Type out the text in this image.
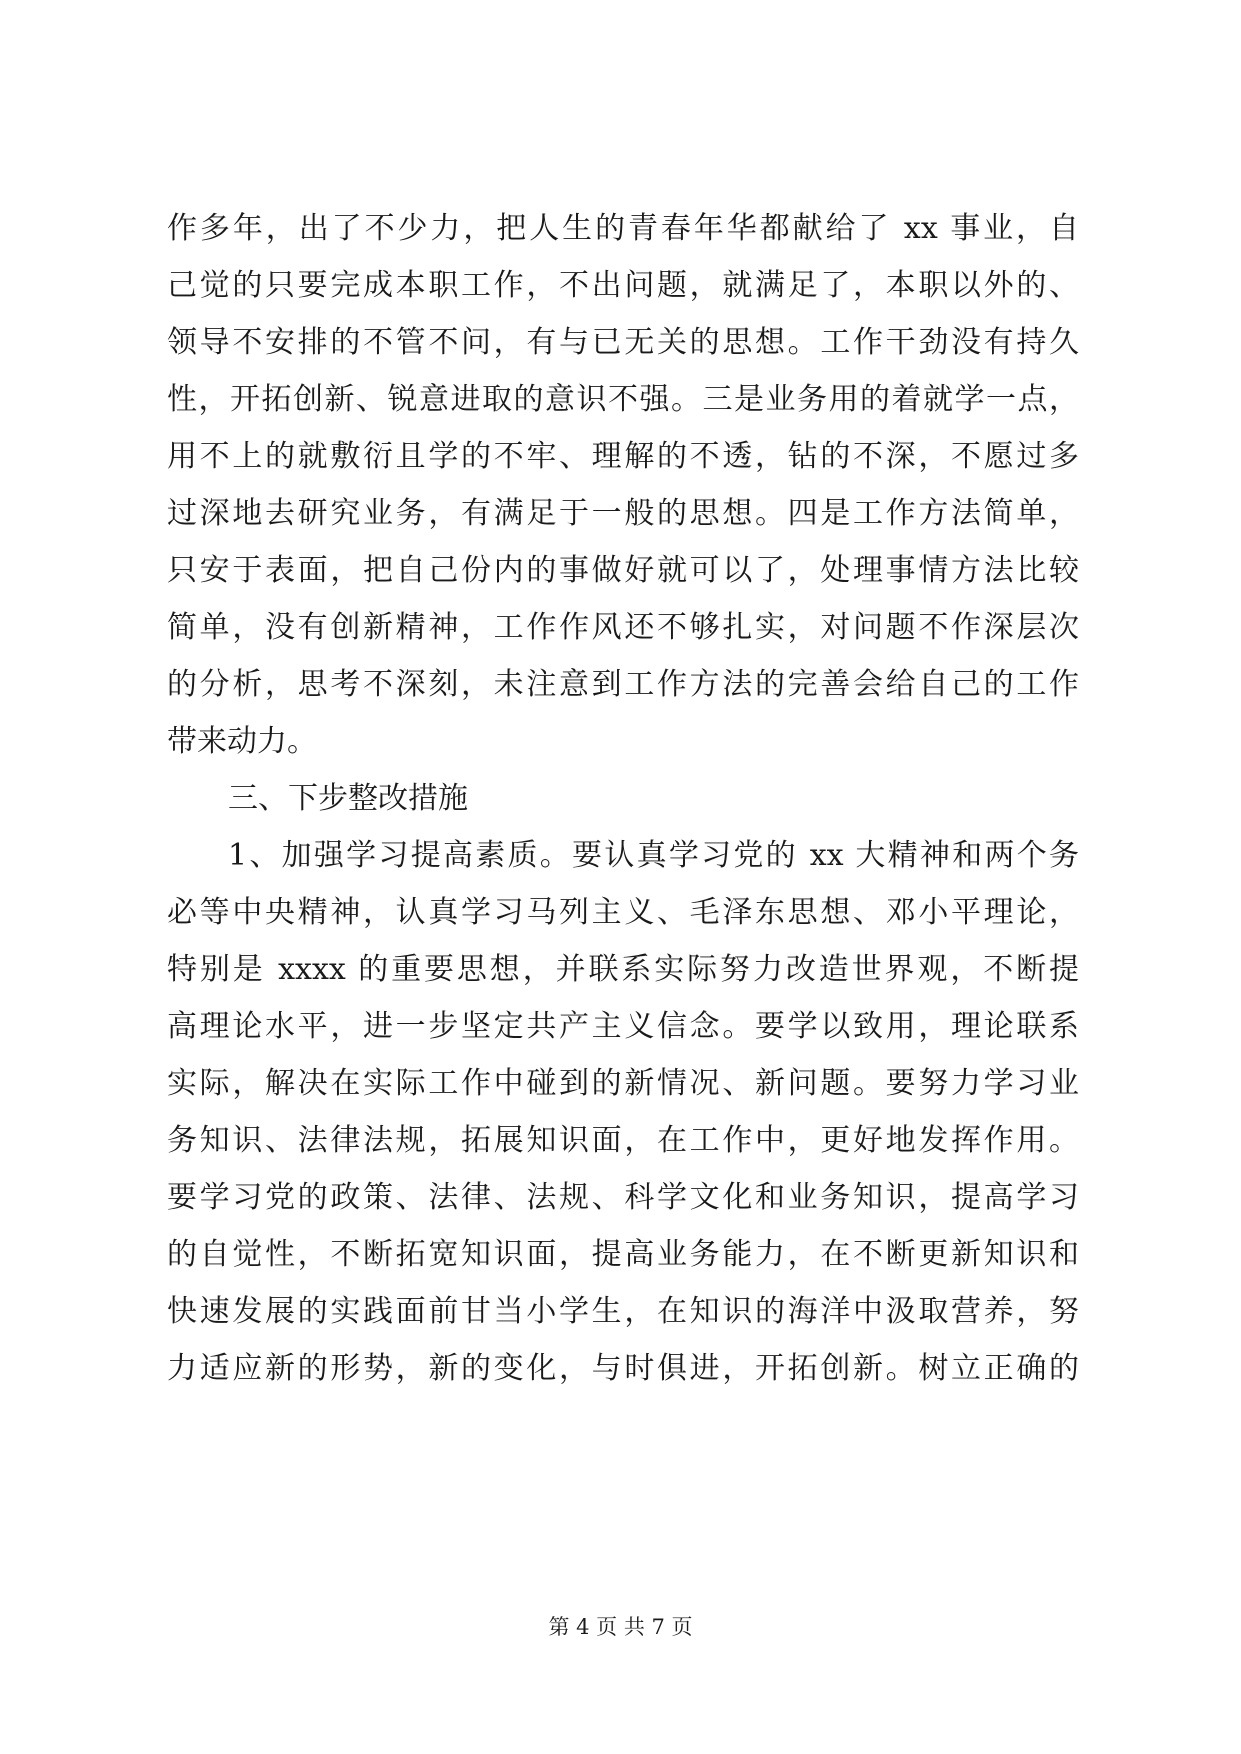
作多年，出了不少力，把人生的青春年华都献给了 xx 事业，自
己觉的只要完成本职工作，不出问题，就满足了，本职以外的、
领导不安排的不管不问，有与已无关的思想。工作干劲没有持久
性，开拓创新、锐意进取的意识不强。三是业务用的着就学一点，
用不上的就敷衍且学的不牢、理解的不透，钻的不深，不愿过多
过深地去研究业务，有满足于一般的思想。四是工作方法简单，
只安于表面，把自己份内的事做好就可以了，处理事情方法比较
简单，没有创新精神，工作作风还不够扎实，对问题不作深层次
的分析，思考不深刻，未注意到工作方法的完善会给自己的工作
带来动力。
三、下步整改措施
1、加强学习提高素质。要认真学习党的 xx 大精神和两个务
必等中央精神，认真学习马列主义、毛泽东思想、邓小平理论，
特别是 xxxx 的重要思想，并联系实际努力改造世界观，不断提
高理论水平，进一步坚定共产主义信念。要学以致用，理论联系
实际，解决在实际工作中碰到的新情况、新问题。要努力学习业
务知识、法律法规，拓展知识面，在工作中，更好地发挥作用。
要学习党的政策、法律、法规、科学文化和业务知识，提高学习
的自觉性，不断拓宽知识面，提高业务能力，在不断更新知识和
快速发展的实践面前甘当小学生，在知识的海洋中汲取营养，努
力适应新的形势，新的变化，与时俱进，开拓创新。树立正确的
第 4 页 共 7 页
